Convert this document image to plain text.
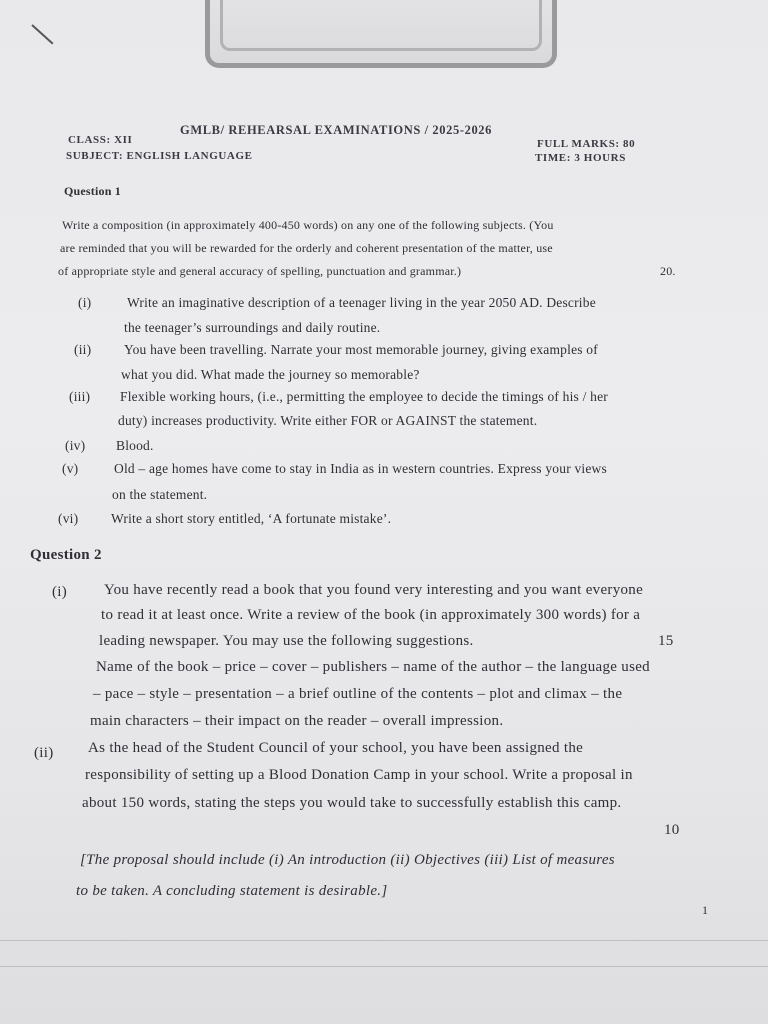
GMLB/ REHEARSAL EXAMINATIONS / 2025-2026
CLASS: XII
SUBJECT: ENGLISH LANGUAGE
FULL MARKS: 80
TIME: 3 HOURS
Question 1
Write a composition (in approximately 400-450 words) on any one of the following subjects. (You
are reminded that you will be rewarded for the orderly and coherent presentation of the matter, use
of appropriate style and general accuracy of spelling, punctuation and grammar.)	20.
(i)	Write an imaginative description of a teenager living in the year 2050 AD. Describe
the teenager’s surroundings and daily routine.
(ii) You have been travelling. Narrate your most memorable journey, giving examples of
what you did. What made the journey so memorable?
(iii) Flexible working hours, (i.e., permitting the employee to decide the timings of his / her
duty) increases productivity. Write either FOR or AGAINST the statement.
(iv) Blood.
(v)	Old – age homes have come to stay in India as in western countries. Express your views
on the statement.
(vi) Write a short story entitled, ‘A fortunate mistake’.
Question 2
(i) You have recently read a book that you found very interesting and you want everyone
to read it at least once. Write a review of the book (in approximately 300 words) for a
leading newspaper. You may use the following suggestions.	15
Name of the book – price – cover – publishers – name of the author – the language used
– pace – style – presentation – a brief outline of the contents – plot and climax – the
main characters – their impact on the reader – overall impression.
(ii) As the head of the Student Council of your school, you have been assigned the
responsibility of setting up a Blood Donation Camp in your school. Write a proposal in
about 150 words, stating the steps you would take to successfully establish this camp.
10
[The proposal should include (i) An introduction (ii) Objectives (iii) List of measures
to be taken. A concluding statement is desirable.]
1
